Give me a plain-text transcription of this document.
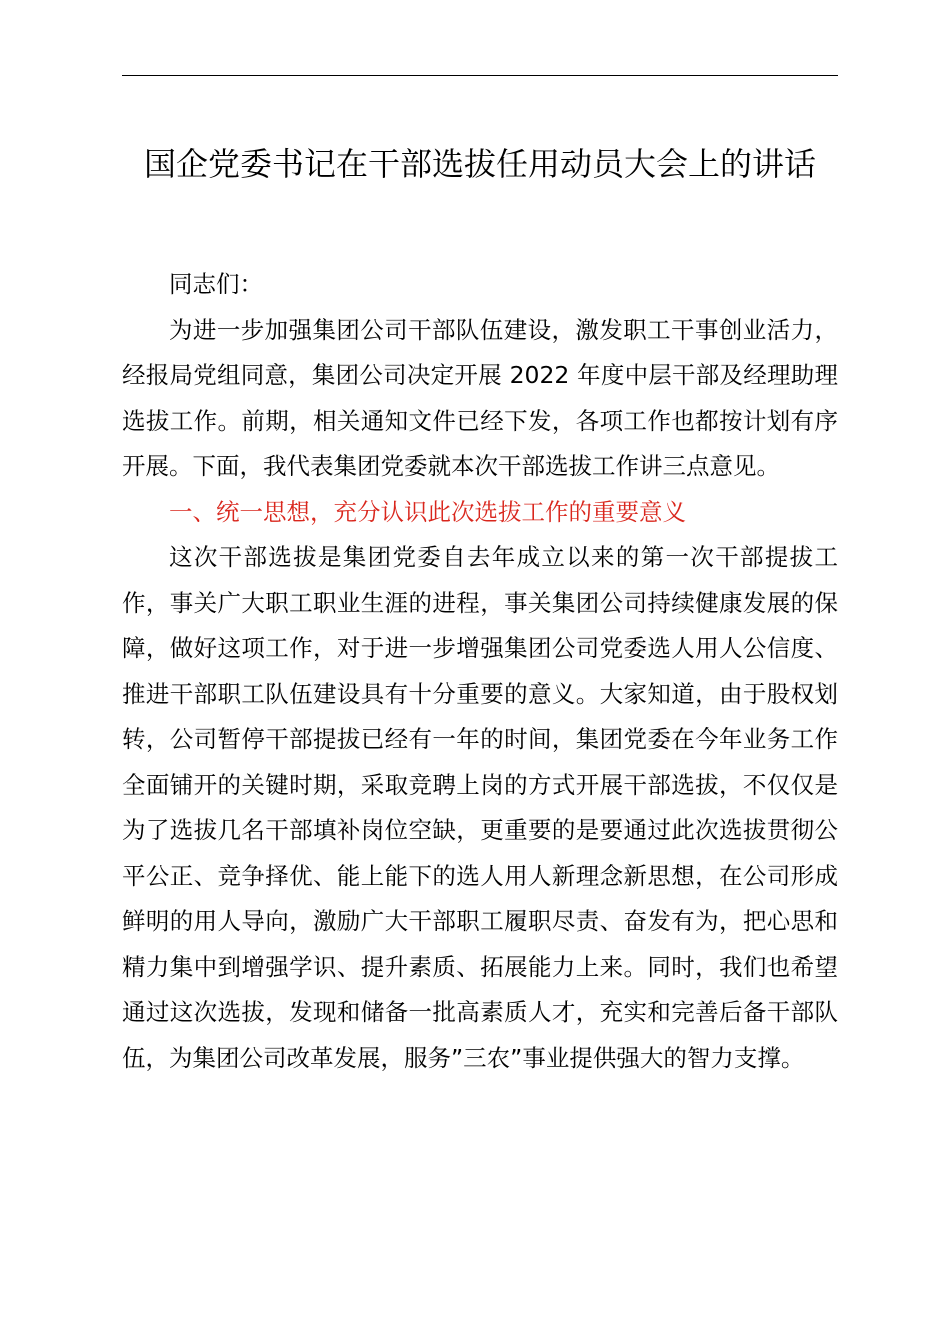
国企党委书记在干部选拔任用动员大会上的讲话

同志们：

为进一步加强集团公司干部队伍建设，激发职工干事创业活力，经报局党组同意，集团公司决定开展 2022 年度中层干部及经理助理选拔工作。前期，相关通知文件已经下发，各项工作也都按计划有序开展。下面，我代表集团党委就本次干部选拔工作讲三点意见。

一、统一思想，充分认识此次选拔工作的重要意义

这次干部选拔是集团党委自去年成立以来的第一次干部提拔工作，事关广大职工职业生涯的进程，事关集团公司持续健康发展的保障，做好这项工作，对于进一步增强集团公司党委选人用人公信度、推进干部职工队伍建设具有十分重要的意义。大家知道，由于股权划转，公司暂停干部提拔已经有一年的时间，集团党委在今年业务工作全面铺开的关键时期，采取竞聘上岗的方式开展干部选拔，不仅仅是为了选拔几名干部填补岗位空缺，更重要的是要通过此次选拔贯彻公平公正、竞争择优、能上能下的选人用人新理念新思想，在公司形成鲜明的用人导向，激励广大干部职工履职尽责、奋发有为，把心思和精力集中到增强学识、提升素质、拓展能力上来。同时，我们也希望通过这次选拔，发现和储备一批高素质人才，充实和完善后备干部队伍，为集团公司改革发展，服务”三农”事业提供强大的智力支撑。
